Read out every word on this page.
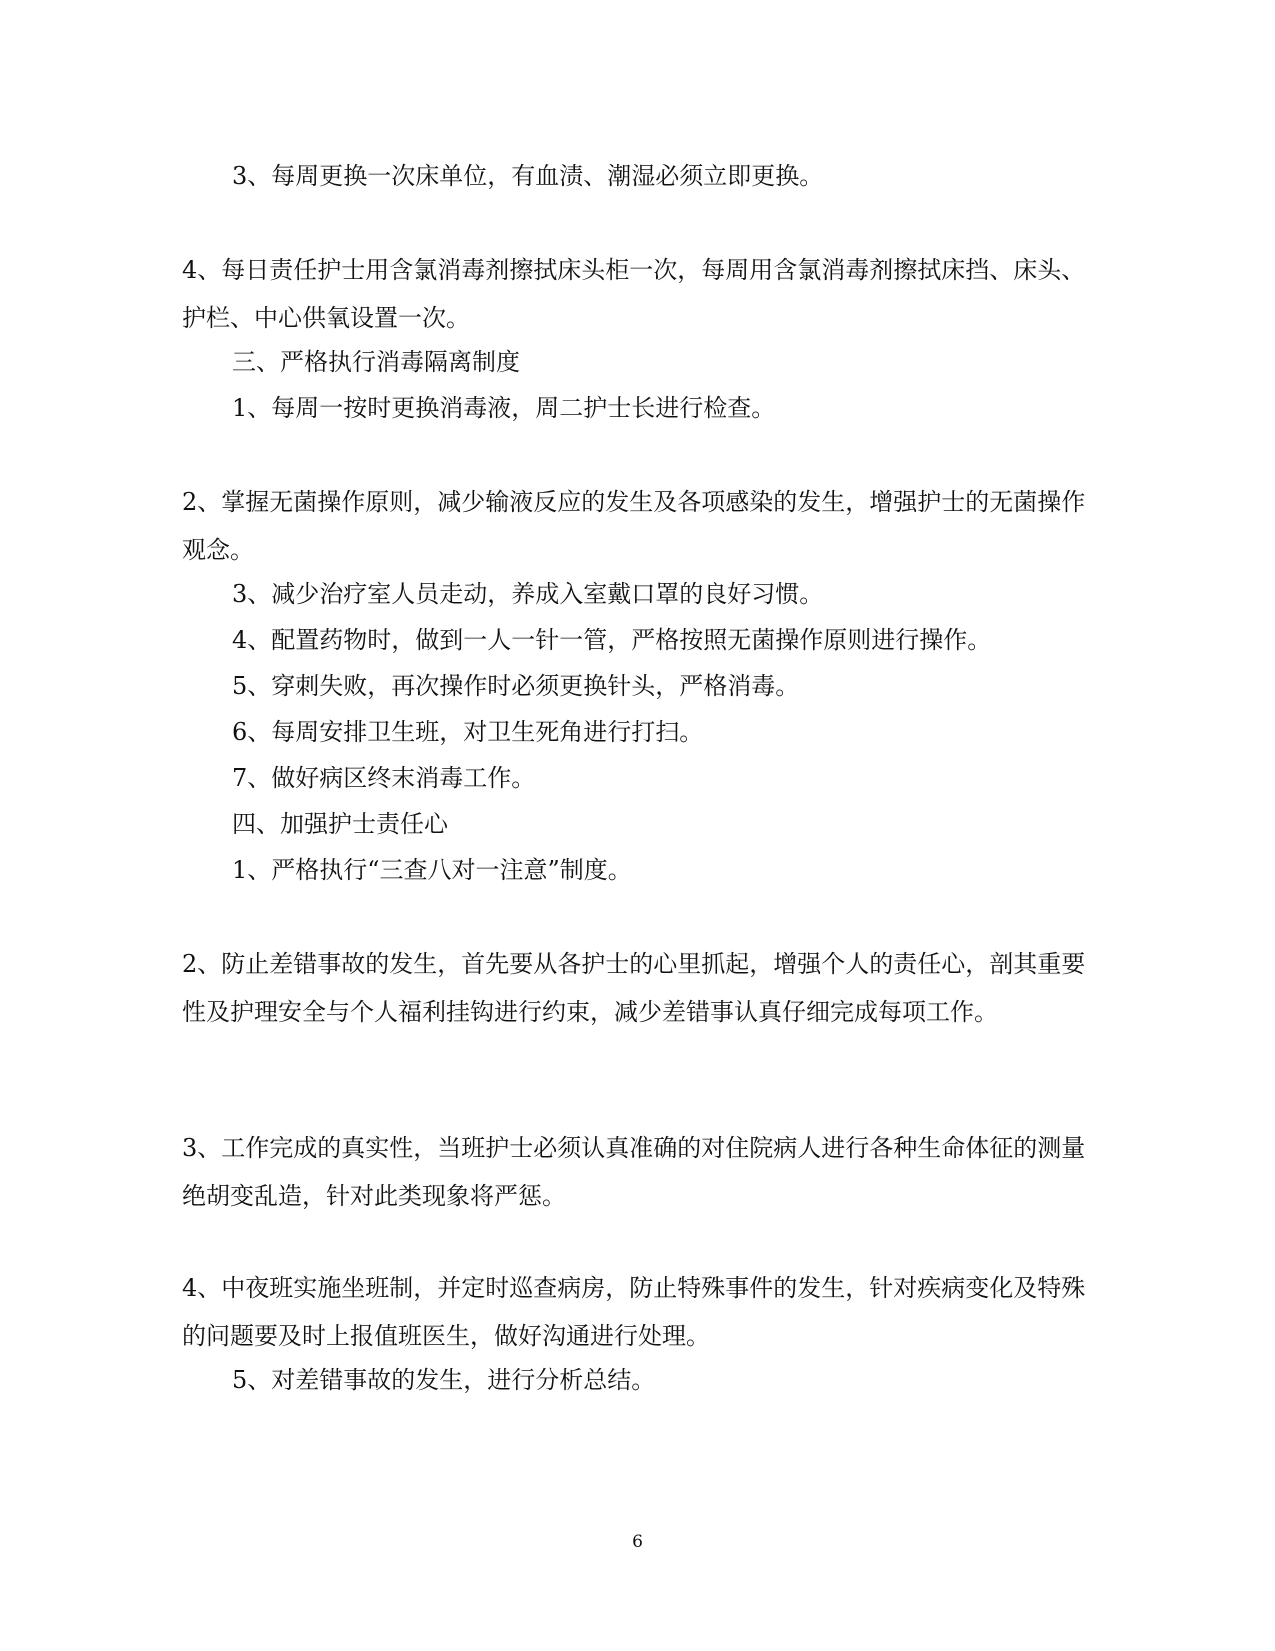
3、每周更换一次床单位，有血渍、潮湿必须立即更换。

4、每日责任护士用含氯消毒剂擦拭床头柜一次，每周用含氯消毒剂擦拭床挡、床头、护栏、中心供氧设置一次。

三、严格执行消毒隔离制度

1、每周一按时更换消毒液，周二护士长进行检查。

2、掌握无菌操作原则，减少输液反应的发生及各项感染的发生，增强护士的无菌操作观念。

3、减少治疗室人员走动，养成入室戴口罩的良好习惯。

4、配置药物时，做到一人一针一管，严格按照无菌操作原则进行操作。

5、穿刺失败，再次操作时必须更换针头，严格消毒。

6、每周安排卫生班，对卫生死角进行打扫。

7、做好病区终末消毒工作。

四、加强护士责任心

1、严格执行“三查八对一注意”制度。

2、防止差错事故的发生，首先要从各护士的心里抓起，增强个人的责任心，剖其重要性及护理安全与个人福利挂钩进行约束，减少差错事认真仔细完成每项工作。

3、工作完成的真实性，当班护士必须认真准确的对住院病人进行各种生命体征的测量绝胡变乱造，针对此类现象将严惩。

4、中夜班实施坐班制，并定时巡查病房，防止特殊事件的发生，针对疾病变化及特殊的问题要及时上报值班医生，做好沟通进行处理。

5、对差错事故的发生，进行分析总结。

6
